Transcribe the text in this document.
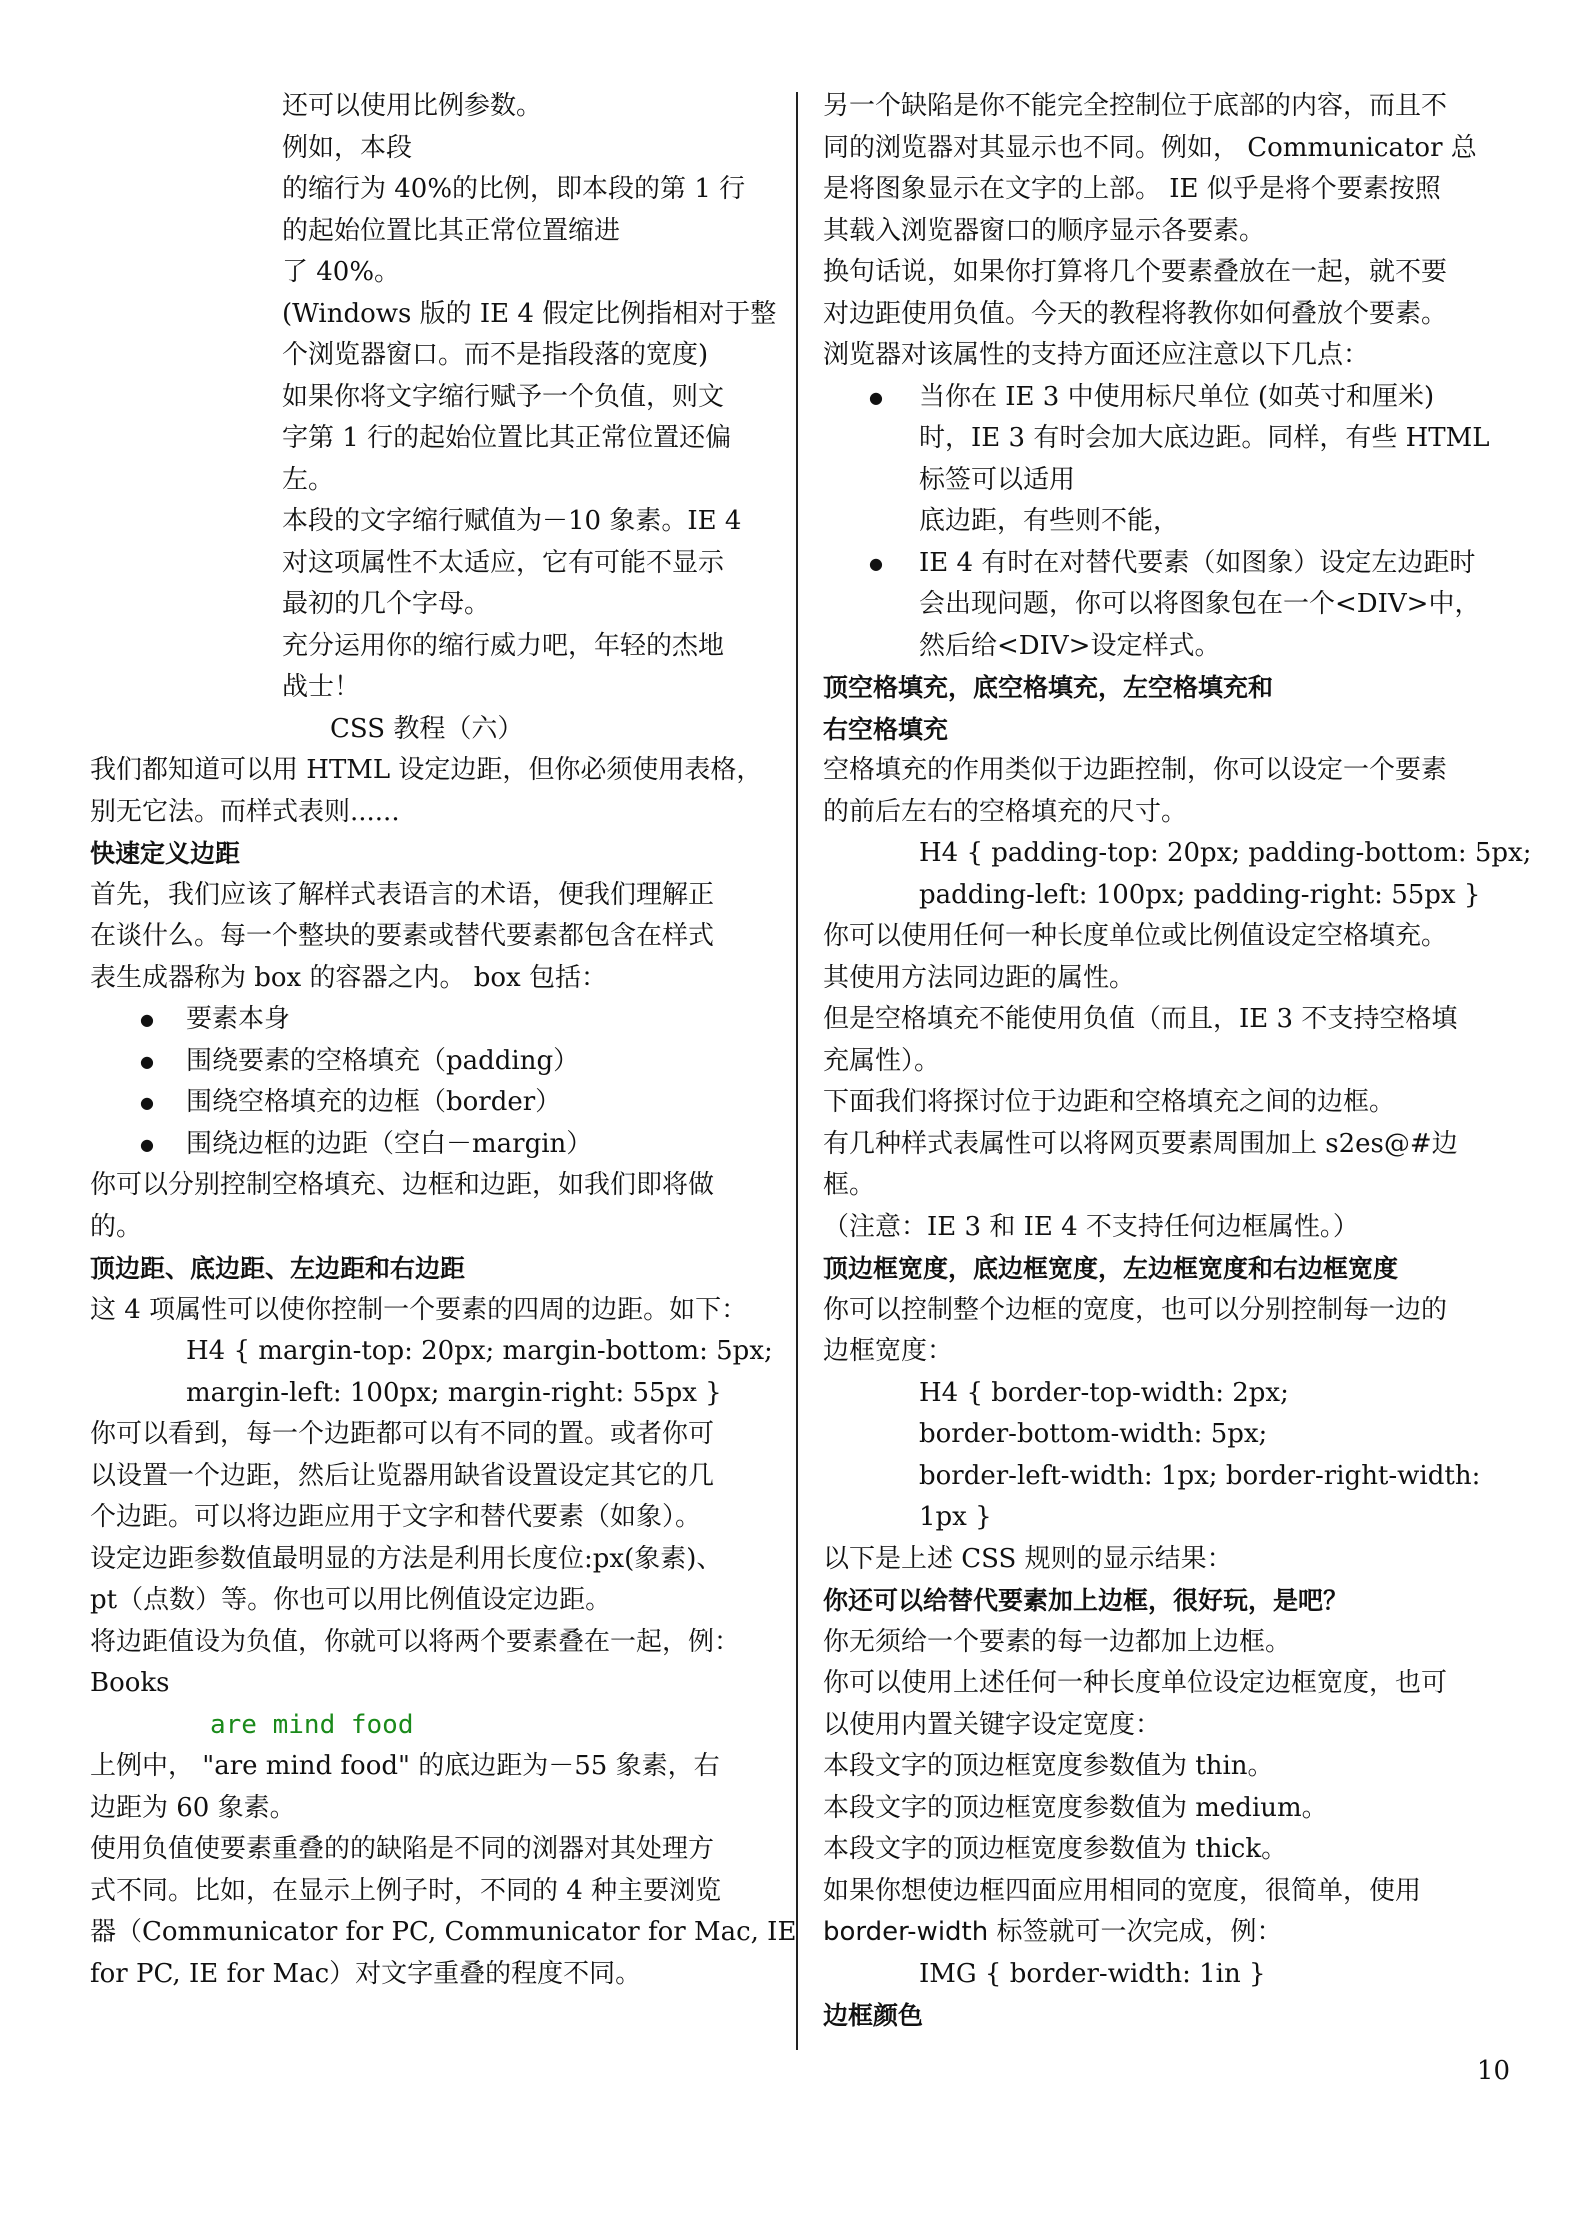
还可以使用比例参数。
例如，本段
的缩行为 40%的比例，即本段的第 1 行
的起始位置比其正常位置缩进
了 40%。
(Windows 版的 IE 4 假定比例指相对于整
个浏览器窗口。而不是指段落的宽度)
如果你将文字缩行赋予一个负值，则文
字第 1 行的起始位置比其正常位置还偏
左。
本段的文字缩行赋值为－10 象素。IE 4
对这项属性不太适应，它有可能不显示
最初的几个字母。
充分运用你的缩行威力吧，年轻的杰地
战士！
CSS 教程（六）
我们都知道可以用 HTML 设定边距，但你必须使用表格，
别无它法。而样式表则......
快速定义边距
首先，我们应该了解样式表语言的术语，便我们理解正
在谈什么。每一个整块的要素或替代要素都包含在样式
表生成器称为 box 的容器之内。 box 包括：
● 要素本身
● 围绕要素的空格填充（padding）
● 围绕空格填充的边框（border）
● 围绕边框的边距（空白－margin）
你可以分别控制空格填充、边框和边距，如我们即将做
的。
顶边距、底边距、左边距和右边距
这 4 项属性可以使你控制一个要素的四周的边距。如下：
H4 { margin-top: 20px; margin-bottom: 5px;
margin-left: 100px; margin-right: 55px }
你可以看到，每一个边距都可以有不同的置。或者你可
以设置一个边距，然后让览器用缺省设置设定其它的几
个边距。可以将边距应用于文字和替代要素（如象）。
设定边距参数值最明显的方法是利用长度位:px(象素)、
pt（点数）等。你也可以用比例值设定边距。
将边距值设为负值，你就可以将两个要素叠在一起，例：
Books
are mind food
上例中， "are mind food" 的底边距为－55 象素，右
边距为 60 象素。
使用负值使要素重叠的的缺陷是不同的浏器对其处理方
式不同。比如，在显示上例子时，不同的 4 种主要浏览
器（Communicator for PC, Communicator for Mac, IE
for PC, IE for Mac）对文字重叠的程度不同。
另一个缺陷是你不能完全控制位于底部的内容，而且不
同的浏览器对其显示也不同。例如， Communicator 总
是将图象显示在文字的上部。 IE 似乎是将个要素按照
其载入浏览器窗口的顺序显示各要素。
换句话说，如果你打算将几个要素叠放在一起，就不要
对边距使用负值。今天的教程将教你如何叠放个要素。
浏览器对该属性的支持方面还应注意以下几点：
● 当你在 IE 3 中使用标尺单位 (如英寸和厘米)
时，IE 3 有时会加大底边距。同样，有些 HTML
标签可以适用
底边距，有些则不能，
● IE 4 有时在对替代要素（如图象）设定左边距时
会出现问题，你可以将图象包在一个<DIV>中，
然后给<DIV>设定样式。
顶空格填充，底空格填充，左空格填充和
右空格填充
空格填充的作用类似于边距控制，你可以设定一个要素
的前后左右的空格填充的尺寸。
H4 { padding-top: 20px; padding-bottom: 5px;
padding-left: 100px; padding-right: 55px }
你可以使用任何一种长度单位或比例值设定空格填充。
其使用方法同边距的属性。
但是空格填充不能使用负值（而且，IE 3 不支持空格填
充属性）。
下面我们将探讨位于边距和空格填充之间的边框。
有几种样式表属性可以将网页要素周围加上 s2es@#边
框。
（注意：IE 3 和 IE 4 不支持任何边框属性。）
顶边框宽度，底边框宽度，左边框宽度和右边框宽度
你可以控制整个边框的宽度，也可以分别控制每一边的
边框宽度：
H4 { border-top-width: 2px;
border-bottom-width: 5px;
border-left-width: 1px; border-right-width:
1px }
以下是上述 CSS 规则的显示结果：
你还可以给替代要素加上边框，很好玩，是吧？
你无须给一个要素的每一边都加上边框。
你可以使用上述任何一种长度单位设定边框宽度，也可
以使用内置关键字设定宽度：
本段文字的顶边框宽度参数值为 thin。
本段文字的顶边框宽度参数值为 medium。
本段文字的顶边框宽度参数值为 thick。
如果你想使边框四面应用相同的宽度，很简单，使用
border-width 标签就可一次完成，例：
IMG { border-width: 1in }
边框颜色
10
